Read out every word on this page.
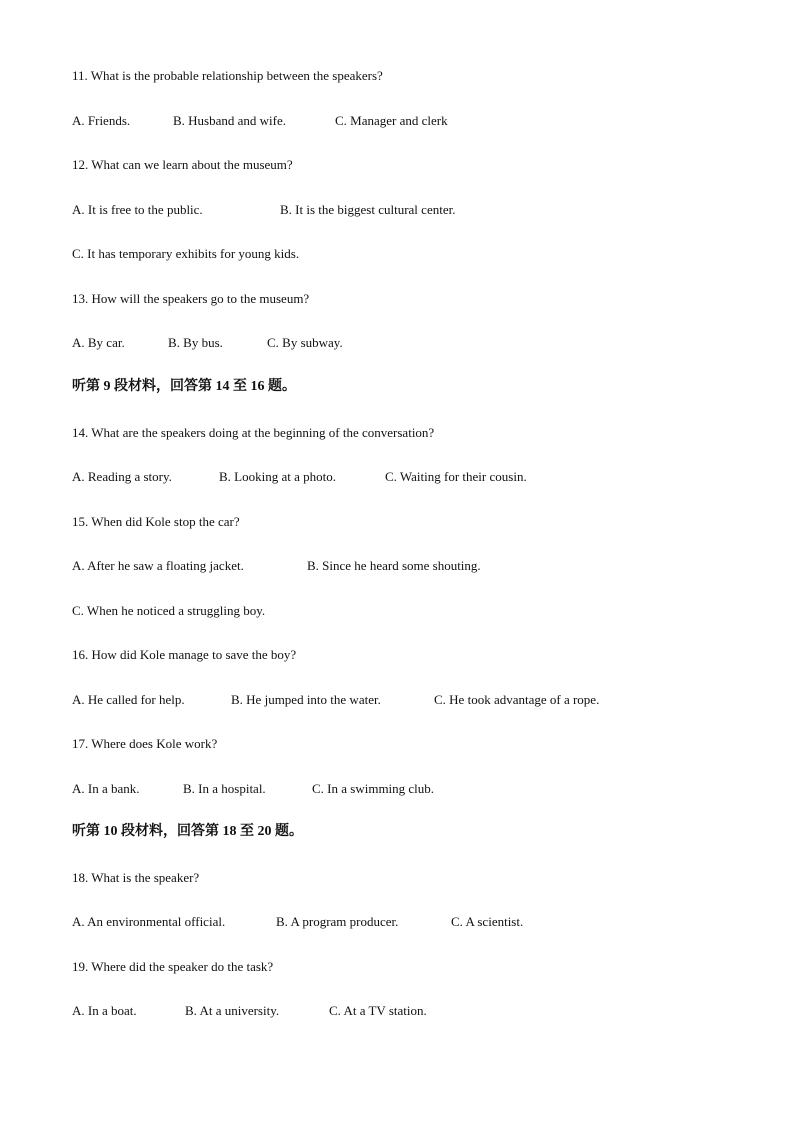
11. What is the probable relationship between the speakers?
A. Friends.	B. Husband and wife.	C. Manager and clerk
12. What can we learn about the museum?
A. It is free to the public.	B. It is the biggest cultural center.
C. It has temporary exhibits for young kids.
13. How will the speakers go to the museum?
A. By car.	B. By bus.	C. By subway.
听第 9 段材料，回答第 14 至 16 题。
14. What are the speakers doing at the beginning of the conversation?
A. Reading a story.	B. Looking at a photo.	C. Waiting for their cousin.
15. When did Kole stop the car?
A. After he saw a floating jacket.	B. Since he heard some shouting.
C. When he noticed a struggling boy.
16. How did Kole manage to save the boy?
A. He called for help.	B. He jumped into the water.	C. He took advantage of a rope.
17. Where does Kole work?
A. In a bank.	B. In a hospital.	C. In a swimming club.
听第 10 段材料，回答第 18 至 20 题。
18. What is the speaker?
A. An environmental official.	B. A program producer.	C. A scientist.
19. Where did the speaker do the task?
A. In a boat.	B. At a university.	C. At a TV station.
